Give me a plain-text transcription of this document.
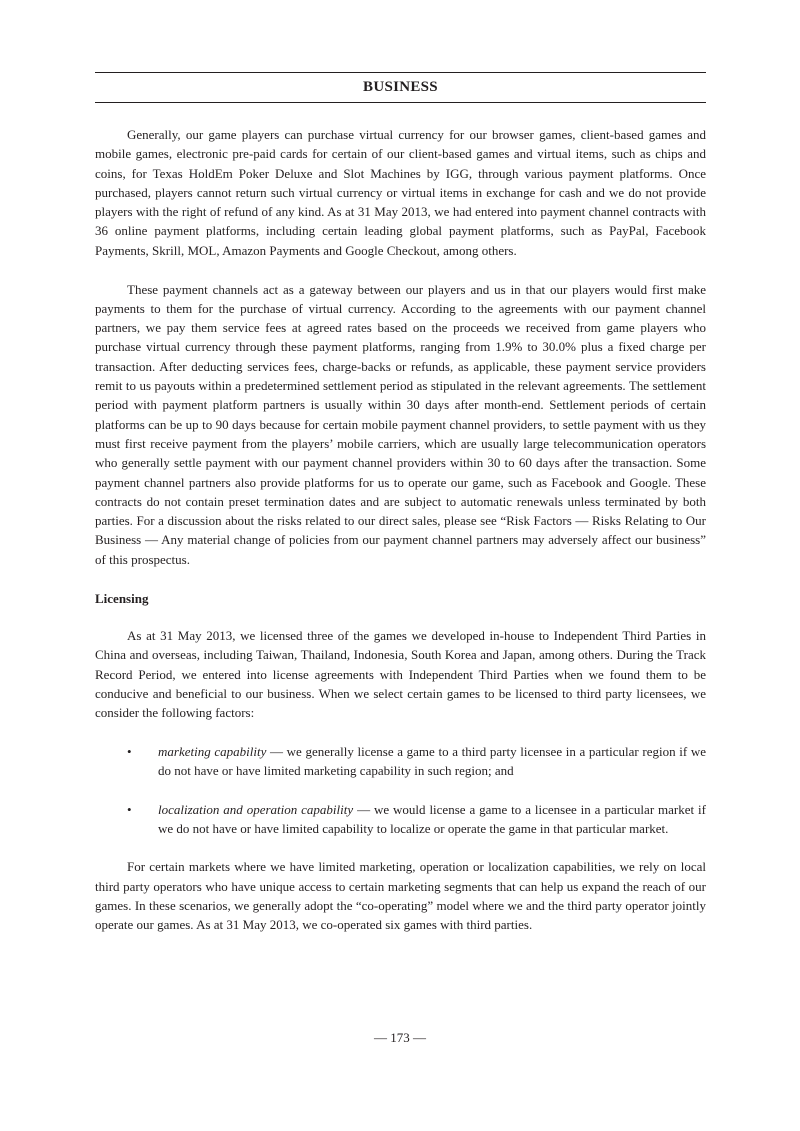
BUSINESS

Generally, our game players can purchase virtual currency for our browser games, client-based games and mobile games, electronic pre-paid cards for certain of our client-based games and virtual items, such as chips and coins, for Texas HoldEm Poker Deluxe and Slot Machines by IGG, through various payment platforms. Once purchased, players cannot return such virtual currency or virtual items in exchange for cash and we do not provide players with the right of refund of any kind. As at 31 May 2013, we had entered into payment channel contracts with 36 online payment platforms, including certain leading global payment platforms, such as PayPal, Facebook Payments, Skrill, MOL, Amazon Payments and Google Checkout, among others.

These payment channels act as a gateway between our players and us in that our players would first make payments to them for the purchase of virtual currency. According to the agreements with our payment channel partners, we pay them service fees at agreed rates based on the proceeds we received from game players who purchase virtual currency through these payment platforms, ranging from 1.9% to 30.0% plus a fixed charge per transaction. After deducting services fees, charge-backs or refunds, as applicable, these payment service providers remit to us payouts within a predetermined settlement period as stipulated in the relevant agreements. The settlement period with payment platform partners is usually within 30 days after month-end. Settlement periods of certain platforms can be up to 90 days because for certain mobile payment channel providers, to settle payment with us they must first receive payment from the players’ mobile carriers, which are usually large telecommunication operators who generally settle payment with our payment channel providers within 30 to 60 days after the transaction. Some payment channel partners also provide platforms for us to operate our game, such as Facebook and Google. These contracts do not contain preset termination dates and are subject to automatic renewals unless terminated by both parties. For a discussion about the risks related to our direct sales, please see “Risk Factors — Risks Relating to Our Business — Any material change of policies from our payment channel partners may adversely affect our business” of this prospectus.

Licensing

As at 31 May 2013, we licensed three of the games we developed in-house to Independent Third Parties in China and overseas, including Taiwan, Thailand, Indonesia, South Korea and Japan, among others. During the Track Record Period, we entered into license agreements with Independent Third Parties when we found them to be conducive and beneficial to our business. When we select certain games to be licensed to third party licensees, we consider the following factors:

• marketing capability — we generally license a game to a third party licensee in a particular region if we do not have or have limited marketing capability in such region; and
• localization and operation capability — we would license a game to a licensee in a particular market if we do not have or have limited capability to localize or operate the game in that particular market.

For certain markets where we have limited marketing, operation or localization capabilities, we rely on local third party operators who have unique access to certain marketing segments that can help us expand the reach of our games. In these scenarios, we generally adopt the “co-operating” model where we and the third party operator jointly operate our games. As at 31 May 2013, we co-operated six games with third parties.

— 173 —
